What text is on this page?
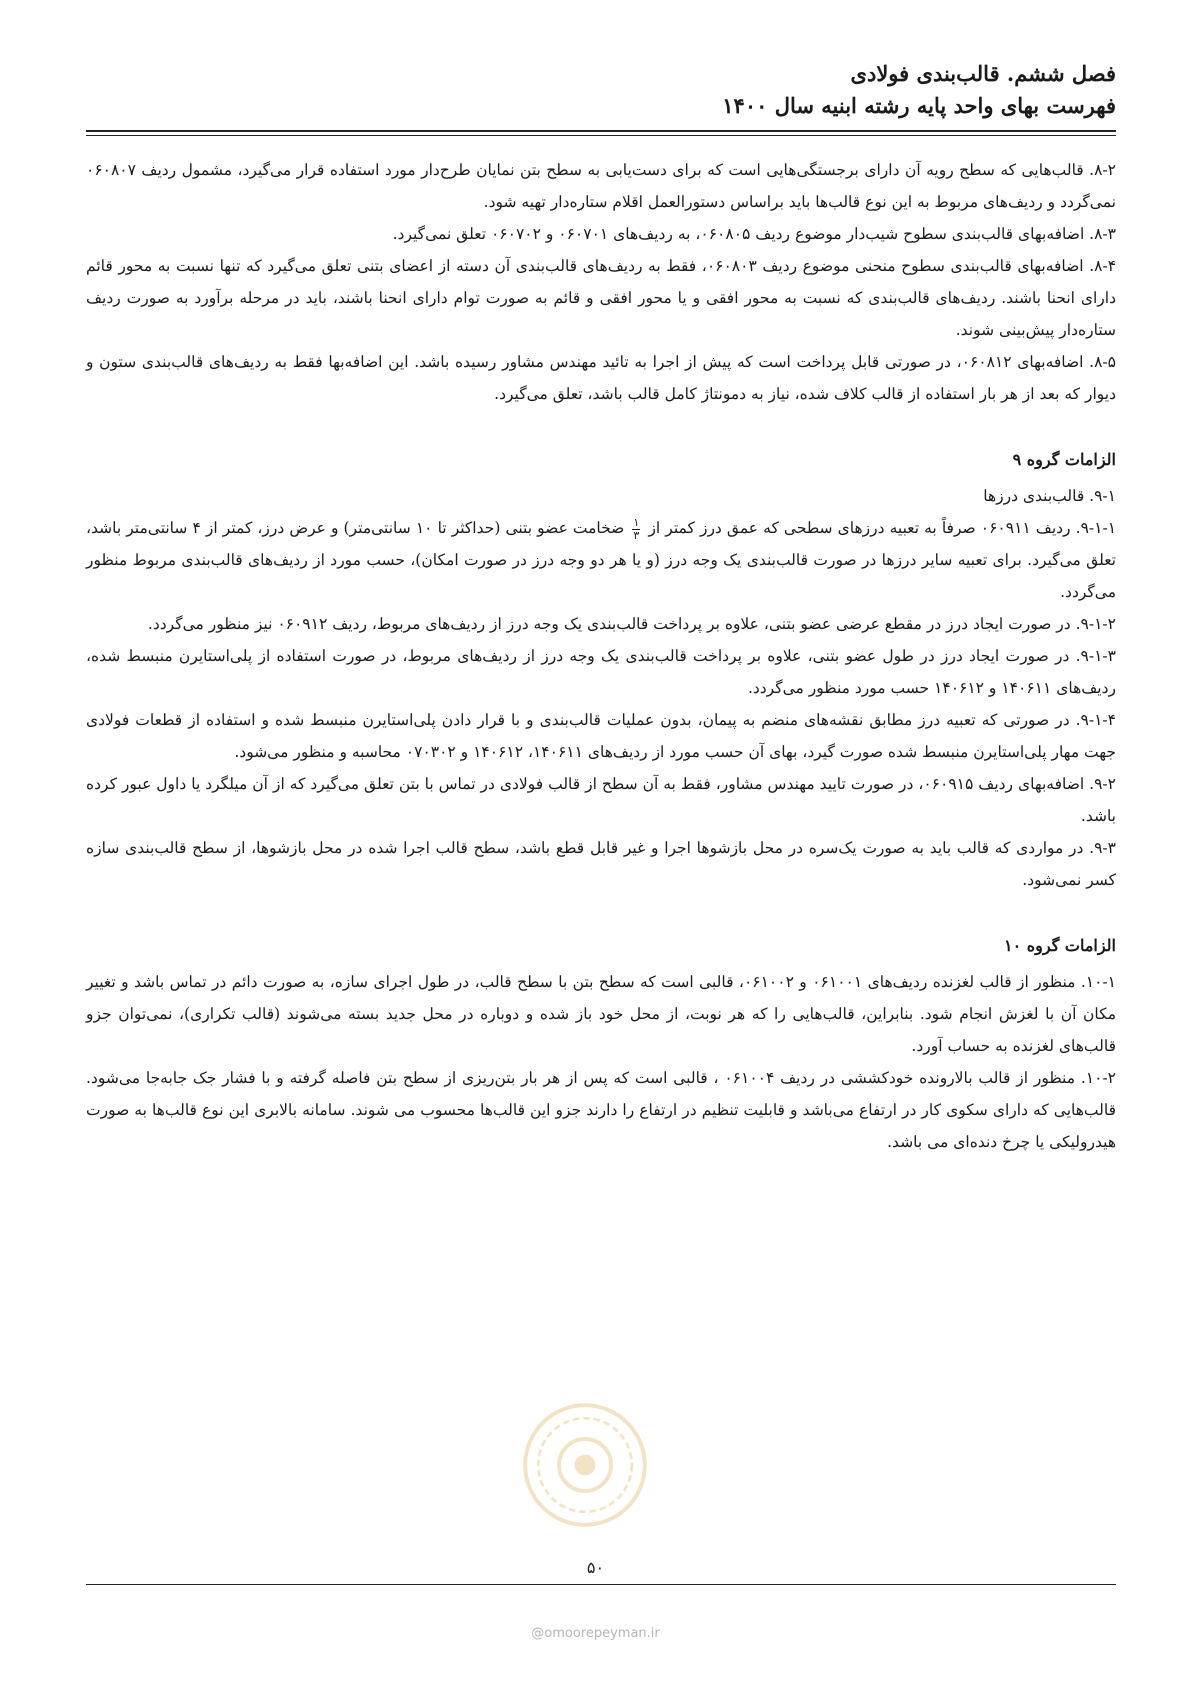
فصل ششم. قالب‌بندی فولادی
فهرست بهای واحد پایه رشته ابنیه سال ۱۴۰۰

۸-۲. قالب‌هایی که سطح رویه آن دارای برجستگی‌هایی است که برای دست‌یابی به سطح بتن نمایان طرح‌دار مورد استفاده قرار می‌گیرد، مشمول ردیف ۰۶۰۸۰۷ نمی‌گردد و ردیف‌های مربوط به این نوع قالب‌ها باید براساس دستورالعمل اقلام ستاره‌دار تهیه شود.

۸-۳. اضافه‌بهای قالب‌بندی سطوح شیب‌دار موضوع ردیف ۰۶۰۸۰۵، به ردیف‌های ۰۶۰۷۰۱ و ۰۶۰۷۰۲ تعلق نمی‌گیرد.

۸-۴. اضافه‌بهای قالب‌بندی سطوح منحنی موضوع ردیف ۰۶۰۸۰۳، فقط به ردیف‌های قالب‌بندی آن دسته از اعضای بتنی تعلق می‌گیرد که تنها نسبت به محور قائم دارای انحنا باشند. ردیف‌های قالب‌بندی که نسبت به محور افقی و یا محور افقی و قائم به صورت توام دارای انحنا باشند، باید در مرحله برآورد به صورت ردیف ستاره‌دار پیش‌بینی شوند.

۸-۵. اضافه‌بهای ۰۶۰۸۱۲، در صورتی قابل پرداخت است که پیش از اجرا به تائید مهندس مشاور رسیده باشد. این اضافه‌بها فقط به ردیف‌های قالب‌بندی ستون و دیوار که بعد از هر بار استفاده از قالب کلاف شده، نیاز به دمونتاژ کامل قالب باشد، تعلق می‌گیرد.

الزامات گروه ۹

۹-۱. قالب‌بندی درزها

۹-۱-۱. ردیف ۰۶۰۹۱۱ صرفاً به تعبیه درزهای سطحی که عمق درز کمتر از
۱
۳
ضخامت عضو بتنی (حداکثر تا ۱۰ سانتی‌متر) و عرض درز، کمتر از ۴ سانتی‌متر باشد، تعلق می‌گیرد. برای تعبیه سایر درزها در صورت قالب‌بندی یک وجه درز (و یا هر دو وجه درز در صورت امکان)، حسب مورد از ردیف‌های قالب‌بندی مربوط منظور می‌گردد.

۹-۱-۲. در صورت ایجاد درز در مقطع عرضی عضو بتنی، علاوه بر پرداخت قالب‌بندی یک وجه درز از ردیف‌های مربوط، ردیف ۰۶۰۹۱۲ نیز منظور می‌گردد.

۹-۱-۳. در صورت ایجاد درز در طول عضو بتنی، علاوه بر پرداخت قالب‌بندی یک وجه درز از ردیف‌های مربوط، در صورت استفاده از پلی‌استایرن منبسط شده، ردیف‌های ۱۴۰۶۱۱ و ۱۴۰۶۱۲ حسب مورد منظور می‌گردد.

۹-۱-۴. در صورتی که تعبیه درز مطابق نقشه‌های منضم به پیمان، بدون عملیات قالب‌بندی و با قرار دادن پلی‌استایرن منبسط شده و استفاده از قطعات فولادی جهت مهار پلی‌استایرن منبسط شده صورت گیرد، بهای آن حسب مورد از ردیف‌های ۱۴۰۶۱۱، ۱۴۰۶۱۲ و ۰۷۰۳۰۲ محاسبه و منظور می‌شود.

۹-۲. اضافه‌بهای ردیف ۰۶۰۹۱۵، در صورت تایید مهندس مشاور، فقط به آن سطح از قالب فولادی در تماس با بتن تعلق می‌گیرد که از آن میلگرد یا داول عبور کرده باشد.

۹-۳. در مواردی که قالب باید به صورت یک‌سره در محل بازشوها اجرا و غیر قابل قطع باشد، سطح قالب اجرا شده در محل بازشوها، از سطح قالب‌بندی سازه کسر نمی‌شود.

الزامات گروه ۱۰

۱۰-۱. منظور از قالب لغزنده ردیف‌های ۰۶۱۰۰۱ و ۰۶۱۰۰۲، قالبی است که سطح بتن با سطح قالب، در طول اجرای سازه، به صورت دائم در تماس باشد و تغییر مکان آن با لغزش انجام شود. بنابراین، قالب‌هایی را که هر نوبت، از محل خود باز شده و دوباره در محل جدید بسته می‌شوند (قالب تکراری)، نمی‌توان جزو قالب‌های لغزنده به حساب آورد.

۱۰-۲. منظور از قالب بالارونده خودکششی در ردیف ۰۶۱۰۰۴ ، قالبی است که پس از هر بار بتن‌ریزی از سطح بتن فاصله گرفته و با فشار جک جابه‌جا می‌شود. قالب‌هایی که دارای سکوی کار در ارتفاع می‌باشد و قابلیت تنظیم در ارتفاع را دارند جزو این قالب‌ها محسوب می شوند. سامانه بالابری این نوع قالب‌ها به صورت هیدرولیکی یا چرخ دنده‌ای می باشد.

۵۰
@omoorepeyman.ir
